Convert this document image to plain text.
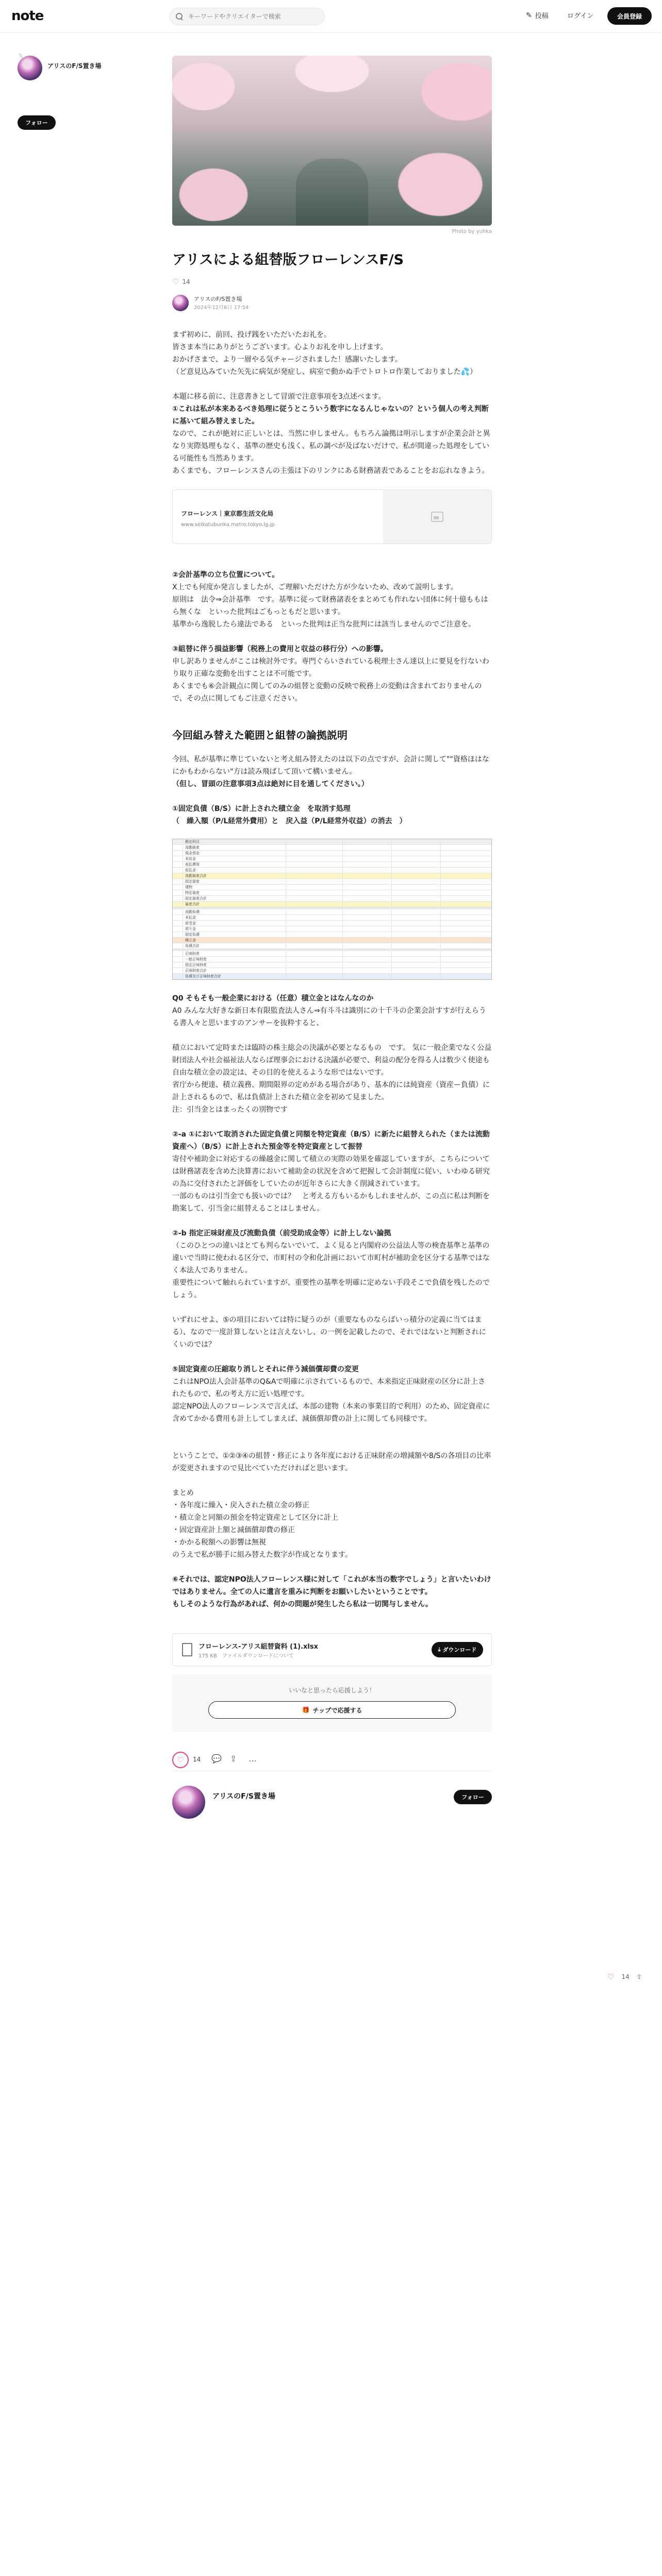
note
キーワードやクリエイターで検索	✎ 投稿	ログイン	会員登録
𝕏
アリスのF/S置き場
フォロー
Photo by yuhka
アリスによる組替版フローレンスF/S
♡ 14
アリスのF/S置き場
2024年12月6日 17:54

まず初めに、前回、投げ銭をいただいたお礼を。

皆さま本当にありがとうございます。心よりお礼を申し上げます。

おかげさまで、より一層やる気チャージされました！感謝いたします。

（ど意見込みていた矢先に病気が発症し、病室で動かぬ手でトロトロ作業しておりました💦）

本題に移る前に、注意書きとして冒頭で注意事項を3点述べます。

①これは私が本来あるべき処理に従うとこういう数字になるんじゃないの？という個人の考え判断に基いて組み替えました。

なので、これが絶対に正しいとは、当然に申しません。もちろん論拠は明示しますが企業会計と異なり実際処理もなく、基準の歴史も浅く、私の調べが及ばないだけで、私が間違った処理をしている可能性も当然あります。

あくまでも、フローレンスさんの主張は下のリンクにある財務諸表であることをお忘れなきよう。

フローレンス｜東京都生活文化局
www.seikatubunka.metro.tokyo.lg.jp

②会計基準の立ち位置について。

X上でも何度か発言しましたが、ご理解いただけた方が少ないため、改めて説明します。

原則は　法令⇒会計基準　です。基準に従って財務諸表をまとめても作れない団体に何十億ももはら無くな　といった批判はごもっともだと思います。

基準から逸脱したら違法である　といった批判は正当な批判には該当しませんのでご注意を。

③組替に伴う損益影響（税務上の費用と収益の移行分）への影響。

申し訳ありませんがここは検討外です。専門ぐらいされている税理士さん達以上に要見を行ないわり取り正確な変動を出すことは不可能です。

あくまでも⑥会計観点に関してのみの組替と変動の反映で税務上の変動は含まれておりませんので、その点に関してもご注意ください。

今回組み替えた範囲と組替の論拠説明

今回、私が基準に準じていないと考え組み替えたのは以下の点ですが、会計に関して""資格ほはなにかもわからない"方は読み飛ばして頂いて構いません。

（但し、冒頭の注意事項3点は絶対に目を通してください。）

①固定負債（B/S）に計上された積立金　を取消す処理

（　繰入額（P/L経常外費用）と　戻入益（P/L経常外収益）の消去　）

勘定科目
流動資産
現金預金
未収金
前払費用
仮払金
流動資産合計
固定資産
建物
特定資産
固定資産合計
資産合計
流動負債
未払金
前受金
預り金
固定負債
積立金
負債合計
正味財産
一般正味財産
指定正味財産
正味財産合計
負債及び正味財産合計

Q0 そもそも一般企業における（任意）積立金とはなんなのか

A0 みんな大好きな新日本有限監査法人さん⇒有斗斗は識別にの十千斗の企業会計すすが行えらうる書人々と思いますのアンサーを抜粋すると、

積立において定時または臨時の株主総会の決議が必要となるもの　です。 気に一般企業でなく公益財団法人や社会福祉法人ならば理事会における決議が必要で、利益の配分を得る人は数少く使途も自由な積立金の設定は、その目的を使えるような形ではないです。

省庁から便達、積立義務、期間限界の定めがある場合があり、基本的には純資産（資産ー負債）に計上されるもので、私は負債計上された積立金を初めて見ました。

注：引当金とはまったくの別物です

②-a ①において取消された固定負債と同額を特定資産（B/S）に新たに組替えられた（または流動資産へ）（B/S）に計上された預金等を特定資産として振替

寄付や補助金に対応するの繰越金に関して積立の実際の効果を確認していますが、こちらについては財務諸表を含めた決算書において補助金の状況を含めて把握して会計制度に従い、いわゆる研究の為に交付されたと評価をしていたのが近年さらに大きく削減されています。

一部のものは引当金でも扱いのでは？　と考える方もいるかもしれませんが、この点に私は判断を勘案して、引当金に組替えることはしません。

②-b 指定正味財産及び流動負債（前受助成金等）に計上しない論拠

（このひとつの違いはとても判らないでいて、よく見ると内閣府の公益法人等の検査基準と基準の違いで当時に使われる区分で、市町村の令和化計画において市町村が補助金を区分する基準ではなく本法人でありません。

重要性について触れられていますが、重要性の基準を明確に定めない手段そこで負債を残したのでしょう。

いずれにせよ、⑤の項目においては特に疑うのが（重要なものならばいっ積分の定義に当てはまる）、なので一度計算しないとは言えないし、の一例を記載したので、それではないと判断されにくいのでは？

⑤固定資産の圧縮取り消しとそれに伴う減価償却費の変更

これはNPO法人会計基準のQ&Aで明確に示されているもので、本来指定正味財産の区分に計上されたもので、私の考え方に近い処理です。

認定NPO法人のフローレンスで言えば、本部の建物（本来の事業目的で利用）のため、固定資産に含めてかかる費用も計上してしまえば、減価償却費の計上に関しても同様です。

ということで、①②③④の組替・修正により各年度における正味財産の増減額や8/Sの各項目の比率が変更されますので見比べていただければと思います。

まとめ

・各年度に繰入・戻入された積立金の修正

・積立金と同額の預金を特定資産として区分に計上

・固定資産計上額と減価償却費の修正

・かかる税額への影響は無視

のうえで私が勝手に組み替えた数字が作成となります。

⑥それでは、認定NPO法人フローレンス様に対して「これが本当の数字でしょう」と言いたいわけではありません。全ての人に遺言を重みに判断をお願いしたいということです。

もしそのような行為があれば、何かの問題が発生したら私は一切関与しません。

フローレンス-アリス組替資料 (1).xlsx
175 KB　 ファイルダウンロードについて
⤓ ダウンロード
いいなと思ったら応援しよう！
🎁 チップで応援する
♡	14 💬 ⇪ …
アリスのF/S置き場	フォロー
♡ 14 ⇪
